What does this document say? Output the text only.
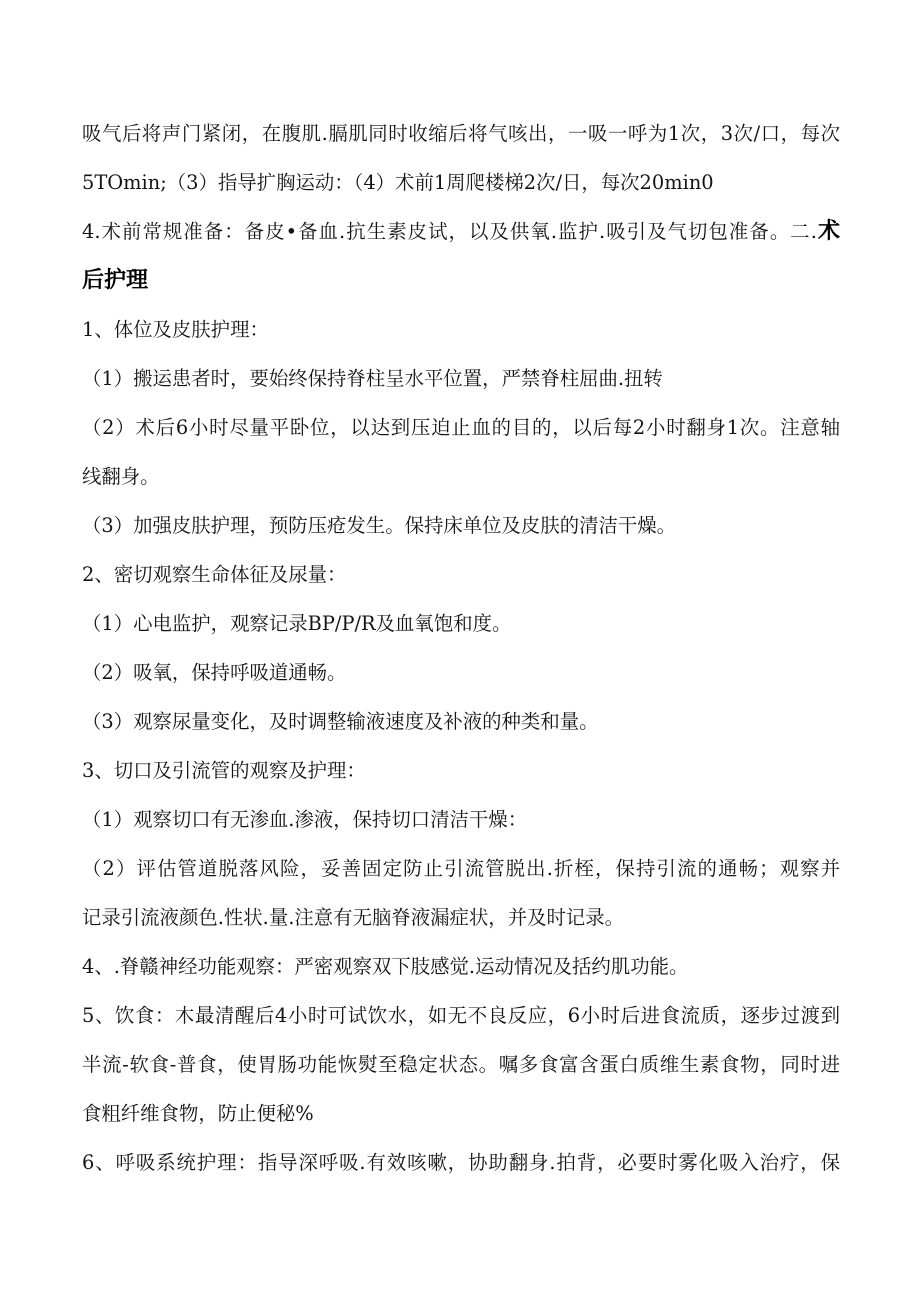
吸气后将声门紧闭，在腹肌.膈肌同时收缩后将气咳出，一吸一呼为1次，3次/口，每次
5TOmin;（3）指导扩胸运动：（4）术前1周爬楼梯2次/日，每次20min0
4.术前常规准备：备皮•备血.抗生素皮试，以及供氧.监护.吸引及气切包准备。二.术
后护理
1、体位及皮肤护理：
（1）搬运患者时，要始终保持脊柱呈水平位置，严禁脊柱屈曲.扭转
（2）术后6小时尽量平卧位，以达到压迫止血的目的，以后每2小时翻身1次。注意轴
线翻身。
（3）加强皮肤护理，预防压疮发生。保持床单位及皮肤的清洁干燥。
2、密切观察生命体征及尿量：
（1）心电监护，观察记录BP/P/R及血氧饱和度。
（2）吸氧，保持呼吸道通畅。
（3）观察尿量变化，及时调整输液速度及补液的种类和量。
3、切口及引流管的观察及护理：
（1）观察切口有无渗血.渗液，保持切口清洁干燥：
（2）评估管道脱落风险，妥善固定防止引流管脱出.折桎，保持引流的通畅；观察并
记录引流液颜色.性状.量.注意有无脑脊液漏症状，并及时记录。
4、.脊赣神经功能观察：严密观察双下肢感觉.运动情况及括约肌功能。
5、饮食：木最清醒后4小时可试饮水，如无不良反应，6小时后进食流质，逐步过渡到
半流-软食-普食，使胃肠功能恢熨至稳定状态。嘱多食富含蛋白质维生素食物，同时进
食粗纤维食物，防止便秘%
6、呼吸系统护理：指导深呼吸.有效咳嗽，协助翻身.拍背，必要时雾化吸入治疗，保
